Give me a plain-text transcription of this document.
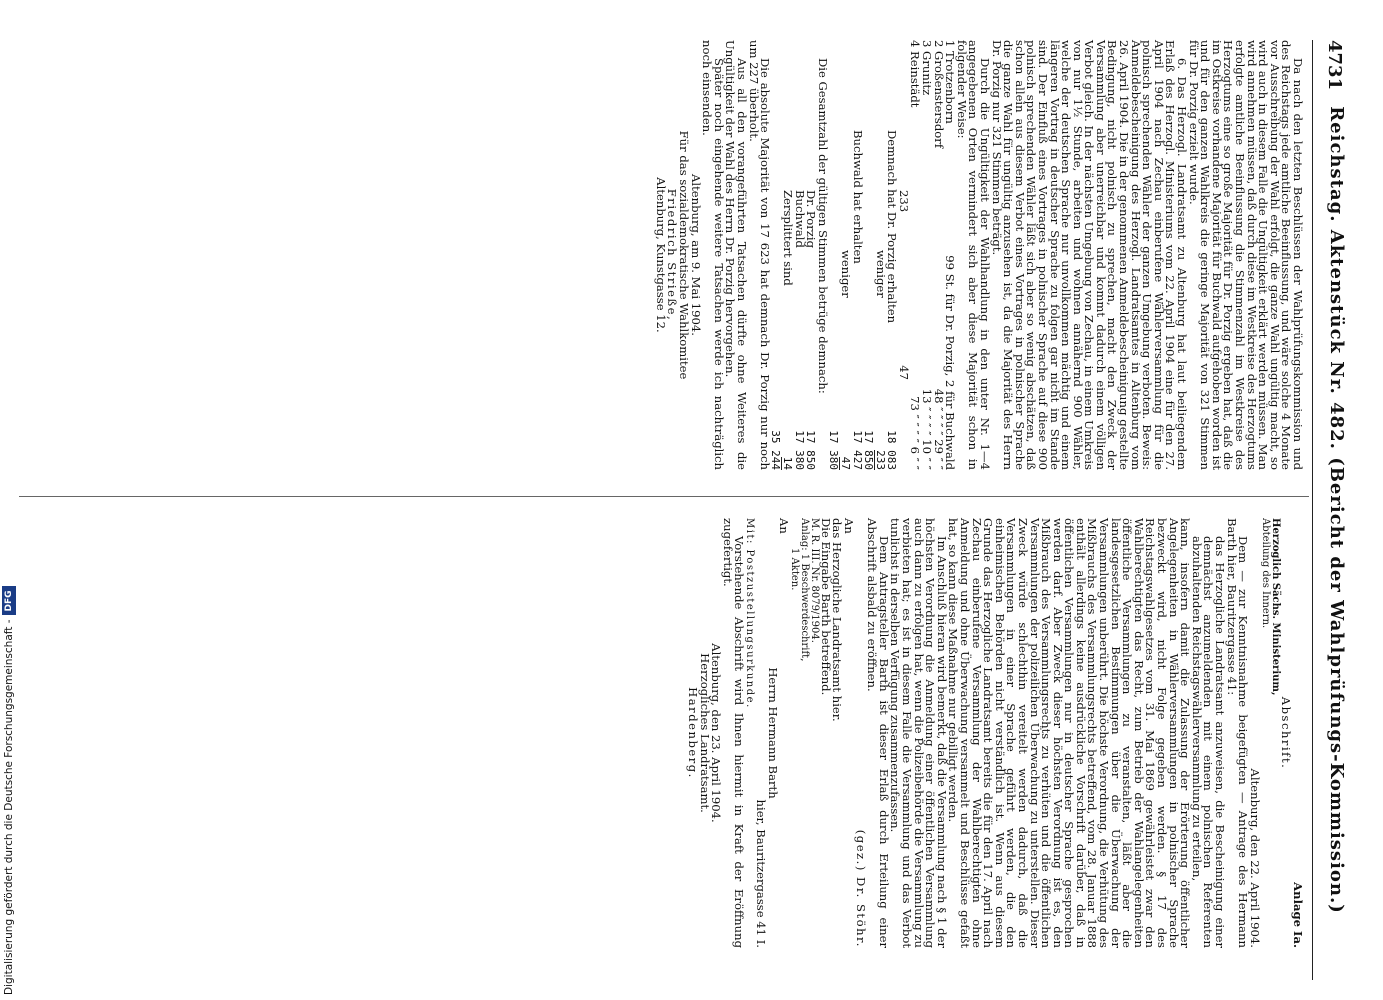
4731
Reichstag. Aktenstück Nr. 482. (Bericht der Wahlprüfungs-Kommission.)

Da nach den letzten Beschlüssen der Wahlprüfungskommission und des Reichstags jede amtliche Beeinflussung, und wäre solche 4 Monate vor Ausschreibung der Wahl erfolgt, die ganze Wahl ungültig macht, so wird auch in diesem Falle die Ungültigkeit erklärt werden müssen. Man wird annehmen müssen, daß durch diese im Westkreise des Herzogtums erfolgte amtliche Beeinflussung die Stimmenzahl im Westkreise des Herzogtums eine so große Majorität für Dr. Porzig ergeben hat, daß die im Ostkreise vorhandene Majorität für Buchwald aufgehoben worden ist und für den ganzen Wahlkreis die geringe Majorität von 321 Stimmen für Dr. Porzig erzielt wurde.

6. Das Herzogl. Landratsamt zu Altenburg hat laut beiliegendem Erlaß des Herzogl. Ministeriums vom 22. April 1904 eine für den 27. April 1904 nach Zechau einberufene Wählerversammlung für die polnisch sprechenden Wähler der ganzen Umgebung verboten. Beweis: Anmeldebescheinigung des Herzogl. Landratsamtes in Altenburg vom 26. April 1904. Die in der genommenen Anmeldebescheinigung gestellte Bedingung, nicht polnisch zu sprechen, macht den Zweck der Versammlung aber unerreichbar und kommt dadurch einem völligen Verbot gleich. In der nächsten Umgebung von Zechau, in einem Umkreis von nur 1½ Stunde, arbeiten und wohnen annähernd 900 Wähler, welche der deutschen Sprache nur unvollkommen mächtig und einem längeren Vortrag in deutscher Sprache zu folgen gar nicht im Stande sind. Der Einfluß eines Vortrages in polnischer Sprache auf diese 900 polnisch sprechenden Wähler läßt sich aber so wenig abschätzen, daß schon allein aus diesem Verbot eines Vortrages in polnischer Sprache die ganze Wahl für ungültig anzusehen ist, da die Majorität des Herrn Dr. Porzig nur 321 Stimmen beträgt.

Durch die Ungültigkeit der Wahlhandlung in den unter Nr. 1—4 angegebenen Orten vermindert sich aber diese Majorität schon in folgender Weise:

1 Trotzenborn
99 St. für Dr. Porzig, 2 für Buchwald
2 Großenstersdorf
48 ″ ″ ″ ″ 29 ″ ″
3 Grunitz
13 ″ ″ ″ ″ 10 ″ ″
4 Reinstädt
73 ″ ″ ″ ″ 6 ″ ″
233
47
Demnach hat Dr. Porzig erhalten
18 083
weniger
233
17 850
Buchwald hat erhalten
17 427
weniger
47
17 380

Die Gesamtzahl der gültigen Stimmen betrüge demnach:

Dr. Porzig
17 850
Buchwald
17 380
Zersplittert sind
14
35 244

Die absolute Majorität von 17 623 hat demnach Dr. Porzig nur noch um 227 überholt.

Aus all den vorangeführten Tatsachen dürfte ohne Weiteres die Ungültigkeit der Wahl des Herrn Dr. Porzig hervorgehen.

Später noch eingehende weitere Tatsachen werde ich nachträglich noch einsenden.

Altenburg, am 9. Mai 1904.

Für das sozialdemokratische Wahlkomitee

Friedrich Strieße,

Altenburg, Kunstgasse 12.

Anlage Ia.

Abschrift.

Herzoglich Sächs. Ministerium,

Abteilung des Innern.

Altenburg, den 22. April 1904.

Dem — zur Kenntnisnahme beigefügten — Antrage des Hermann Barth hier, Bauritzergasse 41:

das Herzogliche Landratsamt anzuweisen, die Bescheinigung einer demnächst anzumeldenden mit einem polnischen Referenten abzuhaltenden Reichstagswählerversammlung zu erteilen,

kann, insofern damit die Zulassung der Erörterung öffentlicher Angelegenheiten in Wählerversammlungen in polnischer Sprache bezweckt wird, nicht Folge gegeben werden. § 17 des Reichstagswahlgesetzes vom 31. Mai 1869 gewährleistet zwar den Wahlberechtigten das Recht, zum Betrieb der Wahlangelegenheiten öffentliche Versammlungen zu veranstalten, läßt aber die landesgesetzlichen Bestimmungen über die Überwachung der Versammlungen unberührt. Die höchste Verordnung, die Verhütung des Mißbrauchs des Versammlungsrechts betreffend, vom 28. Januar 1888 enthält allerdings keine ausdrückliche Vorschrift darüber, daß in öffentlichen Versammlungen nur in deutscher Sprache gesprochen werden darf. Aber Zweck dieser höchsten Verordnung ist es, den Mißbrauch des Versammlungsrechts zu verhüten und die öffentlichen Versammlungen der polizeilichen Überwachung zu unterstellen. Dieser Zweck würde schlechthin vereitelt werden dadurch, daß die Versammlungen in einer Sprache geführt werden, die den einheimischen Behörden nicht verständlich ist. Wenn aus diesem Grunde das Herzogliche Landratsamt bereits die für den 17. April nach Zechau einberufene Versammlung der Wahlberechtigten ohne Anmeldung und ohne Überwachung versammelt und Beschlüsse gefaßt hat, so kann diese Maßnahme nur gebilligt werden.

Im Anschluß hieran wird bemerkt, daß die Versammlung nach § 1 der höchsten Verordnung die Anmeldung einer öffentlichen Versammlung auch dann zu erfolgen hat, wenn die Polizeibehörde die Versammlung zu verbieten hat; es ist in diesem Falle die Versammlung und das Verbot tunlichst in derselben Verfügung zusammenzufassen.

Dem Antragsteller Barth ist dieser Erlaß durch Erteilung einer Abschrift alsbald zu eröffnen.

(gez.) Dr. Stöhr.

An

das Herzogliche Landratsamt hier.

Die Eingabe Barth betreffend.

M. R. III. Nr. 8079/1904.

Anlag: 1 Beschwerdeschrift,

1 Akten.

An

Herrn Hermann Barth

hier, Bauritzergasse 41 I.

Mit: Postzustellungsurkunde.

Vorstehende Abschrift wird Ihnen hiermit in Kraft der Eröffnung zugefertigt.

Altenburg, den 23. April 1904.

Herzogliches Landratsamt.

Hardenberg.

Digitalisierung gefördert durch die Deutsche Forschungsgemeinschaft -
DFG
